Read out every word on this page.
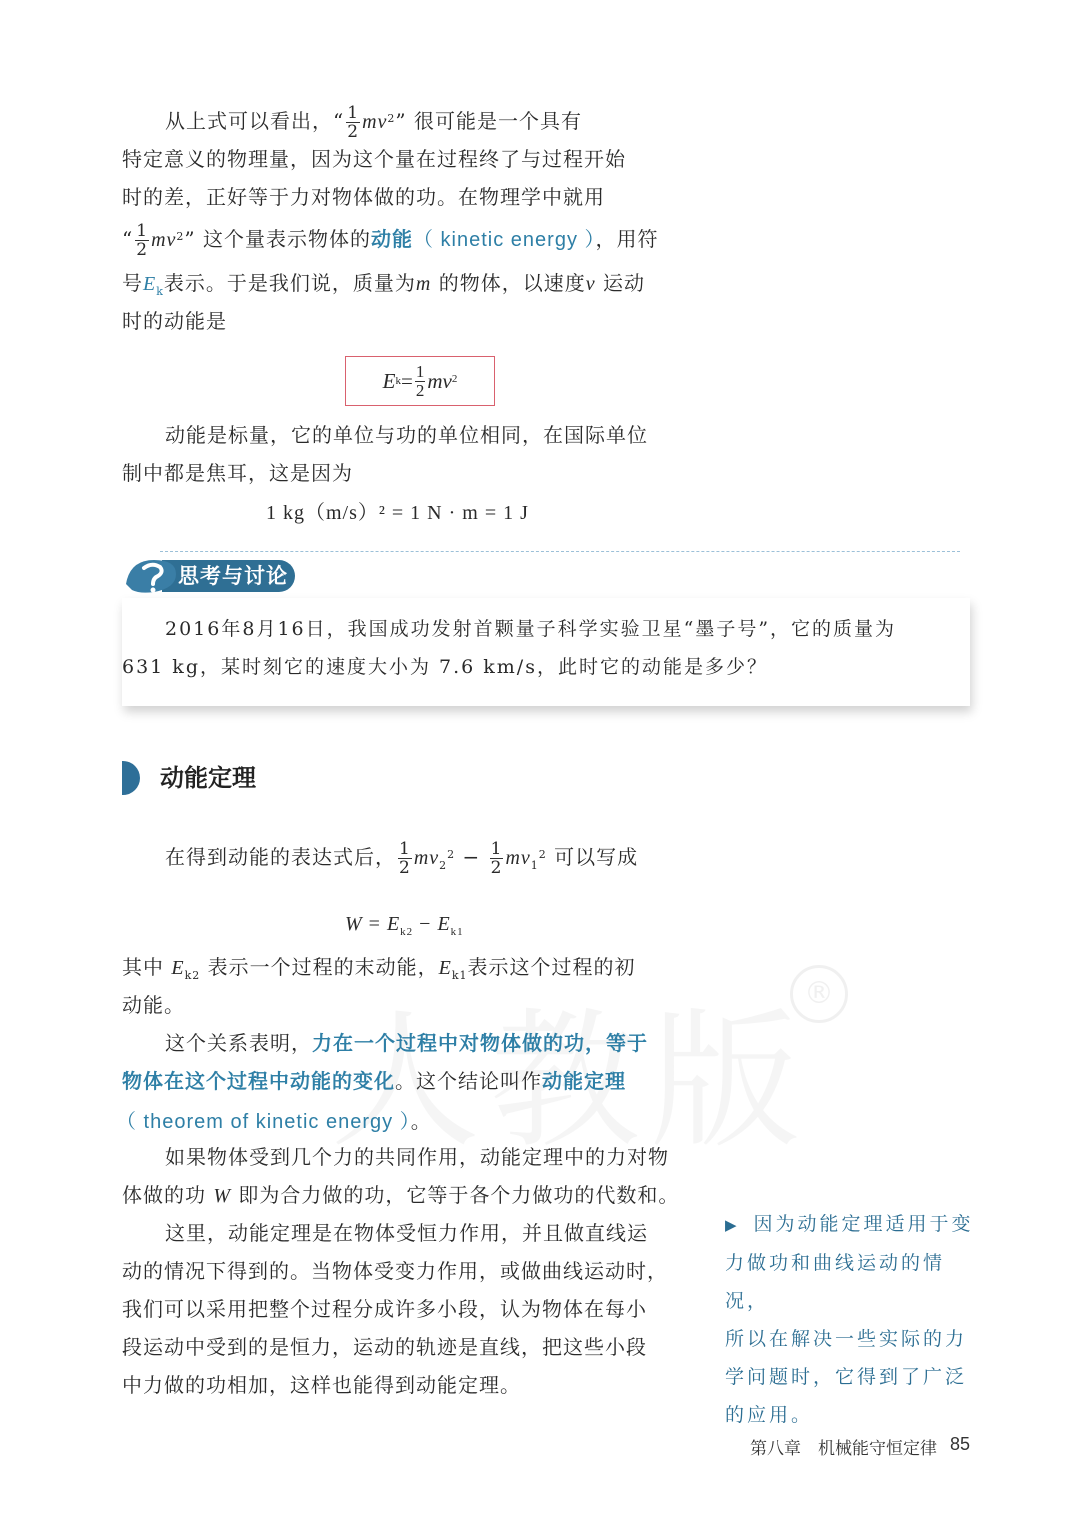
®
从上式可以看出，“ $\frac{1}{2} mv^2$” 很可能是一个具有
特定意义的物理量，因为这个量在过程终了与过程开始
时的差，正好等于力对物体做的功。在物理学中就用
“ $\frac{1}{2} mv^2$” 这个量表示物体的动能（ kinetic energy ），用符
号$E_k$表示。于是我们说，质量为m 的物体，以速度v 运动
时的动能是
E $k = \frac{1}{2} mv^2$
动能是标量，它的单位与功的单位相同，在国际单位
制中都是焦耳，这是因为
1 kg（m/s）² = 1 N · m = 1 J
思考与讨论
2016年8月16日，我国成功发射首颗量子科学实验卫星“墨子号”，它的质量为
631 kg，某时刻它的速度大小为 7.6 km/s，此时它的动能是多少？
动能定理
在得到动能的表达式后， $\frac{1}{2} mv_2^2 - \frac{1}{2} mv_1^2$ 可以写成
$W = E_{k2} - E_{k1}$
其中 $E_{k2}$ 表示一个过程的末动能，$E_{k1}$表示这个过程的初
动能。
这个关系表明，力在一个过程中对物体做的功，等于
物体在这个过程中动能的变化。这个结论叫作动能定理
（ theorem of kinetic energy ）。
如果物体受到几个力的共同作用，动能定理中的力对物
体做的功 W 即为合力做的功，它等于各个力做功的代数和。
这里，动能定理是在物体受恒力作用，并且做直线运
动的情况下得到的。当物体受变力作用，或做曲线运动时，
我们可以采用把整个过程分成许多小段，认为物体在每小
段运动中受到的是恒力，运动的轨迹是直线，把这些小段
中力做的功相加，这样也能得到动能定理。
▶ 因为动能定理适用于变
力做功和曲线运动的情况，
所以在解决一些实际的力
学问题时，它得到了广泛
的应用。
第八章　机械能守恒定律 85
